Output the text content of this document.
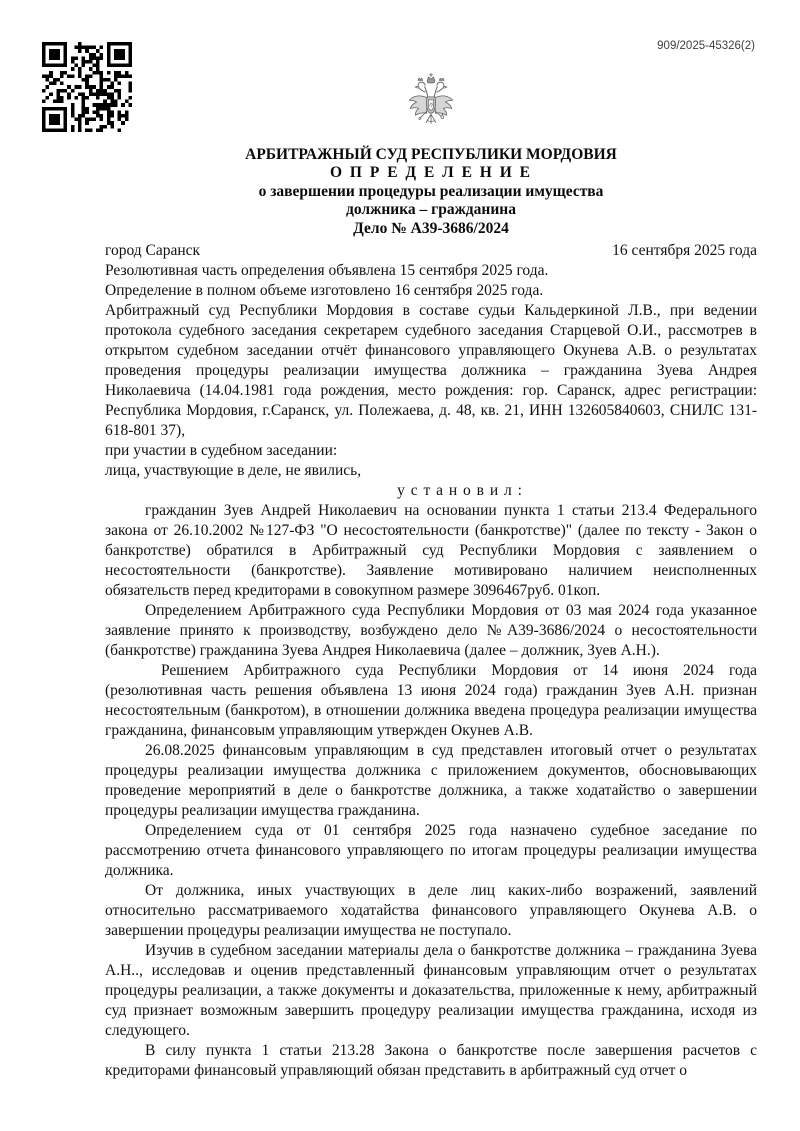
909/2025-45326(2)
АРБИТРАЖНЫЙ СУД РЕСПУБЛИКИ МОРДОВИЯ
О П Р Е Д Е Л Е Н И Е
о завершении процедуры реализации имущества
должника – гражданина
Дело № А39-3686/2024
город Саранск	16 сентября 2025 года
Резолютивная часть определения объявлена 15 сентября 2025 года.
Определение в полном объеме изготовлено 16 сентября 2025 года.
Арбитражный суд Республики Мордовия в составе судьи Кальдеркиной Л.В., при ведении протокола судебного заседания секретарем судебного заседания Старцевой О.И., рассмотрев в открытом судебном заседании отчёт финансового управляющего Окунева А.В. о результатах проведения процедуры реализации имущества должника – гражданина Зуева Андрея Николаевича (14.04.1981 года рождения, место рождения: гор. Саранск, адрес регистрации: Республика Мордовия, г.Саранск, ул. Полежаева, д. 48, кв. 21, ИНН 132605840603, СНИЛС 131-618-801 37),
при участии в судебном заседании:
лица, участвующие в деле, не явились,
у с т а н о в и л :

гражданин Зуев Андрей Николаевич на основании пункта 1 статьи 213.4 Федерального закона от 26.10.2002 №127-ФЗ "О несостоятельности (банкротстве)" (далее по тексту - Закон о банкротстве) обратился в Арбитражный суд Республики Мордовия с заявлением о несостоятельности (банкротстве). Заявление мотивировано наличием неисполненных обязательств перед кредиторами в совокупном размере 3096467руб. 01коп.

Определением Арбитражного суда Республики Мордовия от 03 мая 2024 года указанное заявление принято к производству, возбуждено дело №А39-3686/2024 о несостоятельности (банкротстве) гражданина Зуева Андрея Николаевича (далее – должник, Зуев А.Н.).

Решением Арбитражного суда Республики Мордовия от 14 июня 2024 года (резолютивная часть решения объявлена 13 июня 2024 года) гражданин Зуев А.Н. признан несостоятельным (банкротом), в отношении должника введена процедура реализации имущества гражданина, финансовым управляющим утвержден Окунев А.В.

26.08.2025 финансовым управляющим в суд представлен итоговый отчет о результатах процедуры реализации имущества должника с приложением документов, обосновывающих проведение мероприятий в деле о банкротстве должника, а также ходатайство о завершении процедуры реализации имущества гражданина.

Определением суда от 01 сентября 2025 года назначено судебное заседание по рассмотрению отчета финансового управляющего по итогам процедуры реализации имущества должника.

От должника, иных участвующих в деле лиц каких-либо возражений, заявлений относительно рассматриваемого ходатайства финансового управляющего Окунева А.В. о завершении процедуры реализации имущества не поступало.

Изучив в судебном заседании материалы дела о банкротстве должника – гражданина Зуева А.Н.., исследовав и оценив представленный финансовым управляющим отчет о результатах процедуры реализации, а также документы и доказательства, приложенные к нему, арбитражный суд признает возможным завершить процедуру реализации имущества гражданина, исходя из следующего.

В силу пункта 1 статьи 213.28 Закона о банкротстве после завершения расчетов с кредиторами финансовый управляющий обязан представить в арбитражный суд отчет о
